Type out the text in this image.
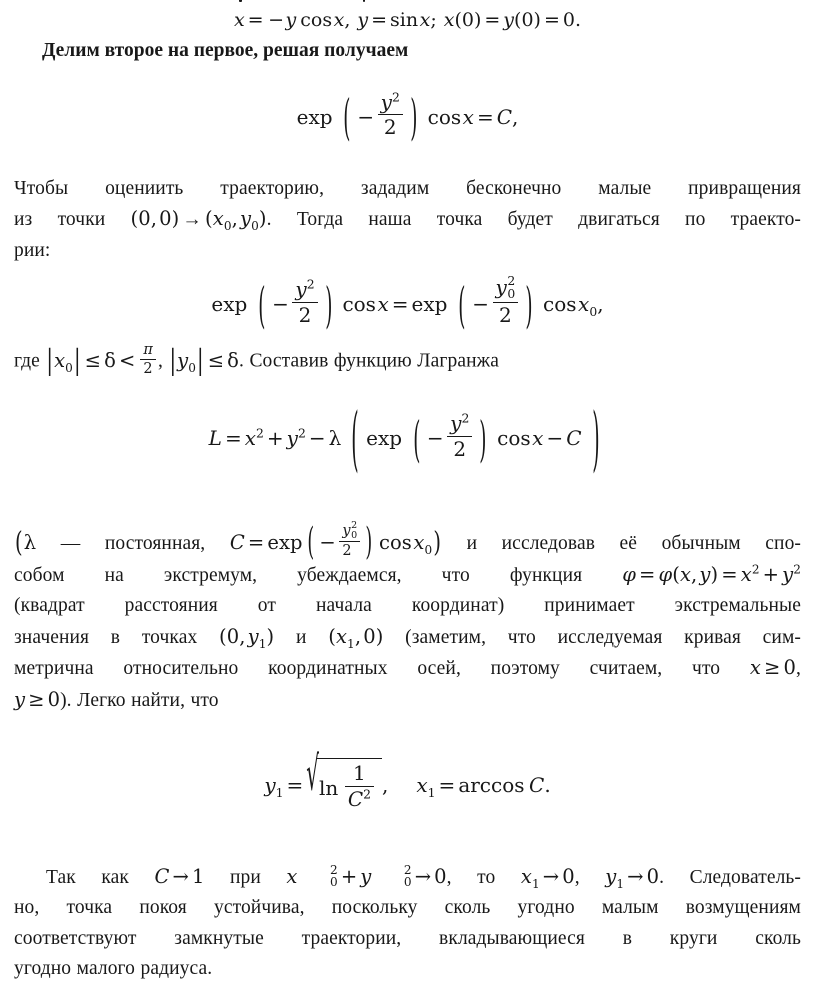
x = −y cosx, y = sinx; x(0) = y(0) = 0.

Делим второе на первое, решая получаем

exp ( − $\frac{y^2}{2}$ ) cosx = C,
Чтобы оцениить траекторию, зададим бесконечно малые привращения
из точки (0,  $0) \to (x_0$,  $y_0$). Тогда наша точка будет двигаться по траекто-
рии:
exp ( − $\frac{y^2}{2}$ ) cosx = exp ( − y 2
0
2 ) cosx$_0$,
где $|x_0| \le \delta < \frac{\pi}{2}$ , $|y_0| \le \delta$. Составив функцию Лагранжа
$L = x^2 + y^2 - \lambda$ ( exp ( − $\frac{y^2}{2}$ ) cosx − C )
(λ — постоянная, C = exp ( − y 2
0
2 ) cosx$_0$) и исследовав её обычным спо-
собом на экстремум, убеждаемся, что функция φ = φ(x,  $y) = x^2 + y^2$
(квадрат расстояния от начала координат) принимает экстремальные
значения в точках (0,  $y_1$) и ($x_1$,  0) (заметим, что исследуемая кривая сим-
метрична относительно координатных осей, поэтому считаем, что x ≥ 0,
y ≥ 0). Легко найти, что
$y_1 = √\ln \frac{1}{C^2}$ , $x_1 = \arccos C$.
Так как C → 1 при x	2
0 + y	2
0 → 0, то $x_1 \to 0$, $y_1 \to 0$. Следователь-
но, точка покоя устойчива, поскольку сколь угодно малым возмущениям
соответствуют замкнутые траектории, вкладывающиеся в круги сколь
угодно малого радиуса.
